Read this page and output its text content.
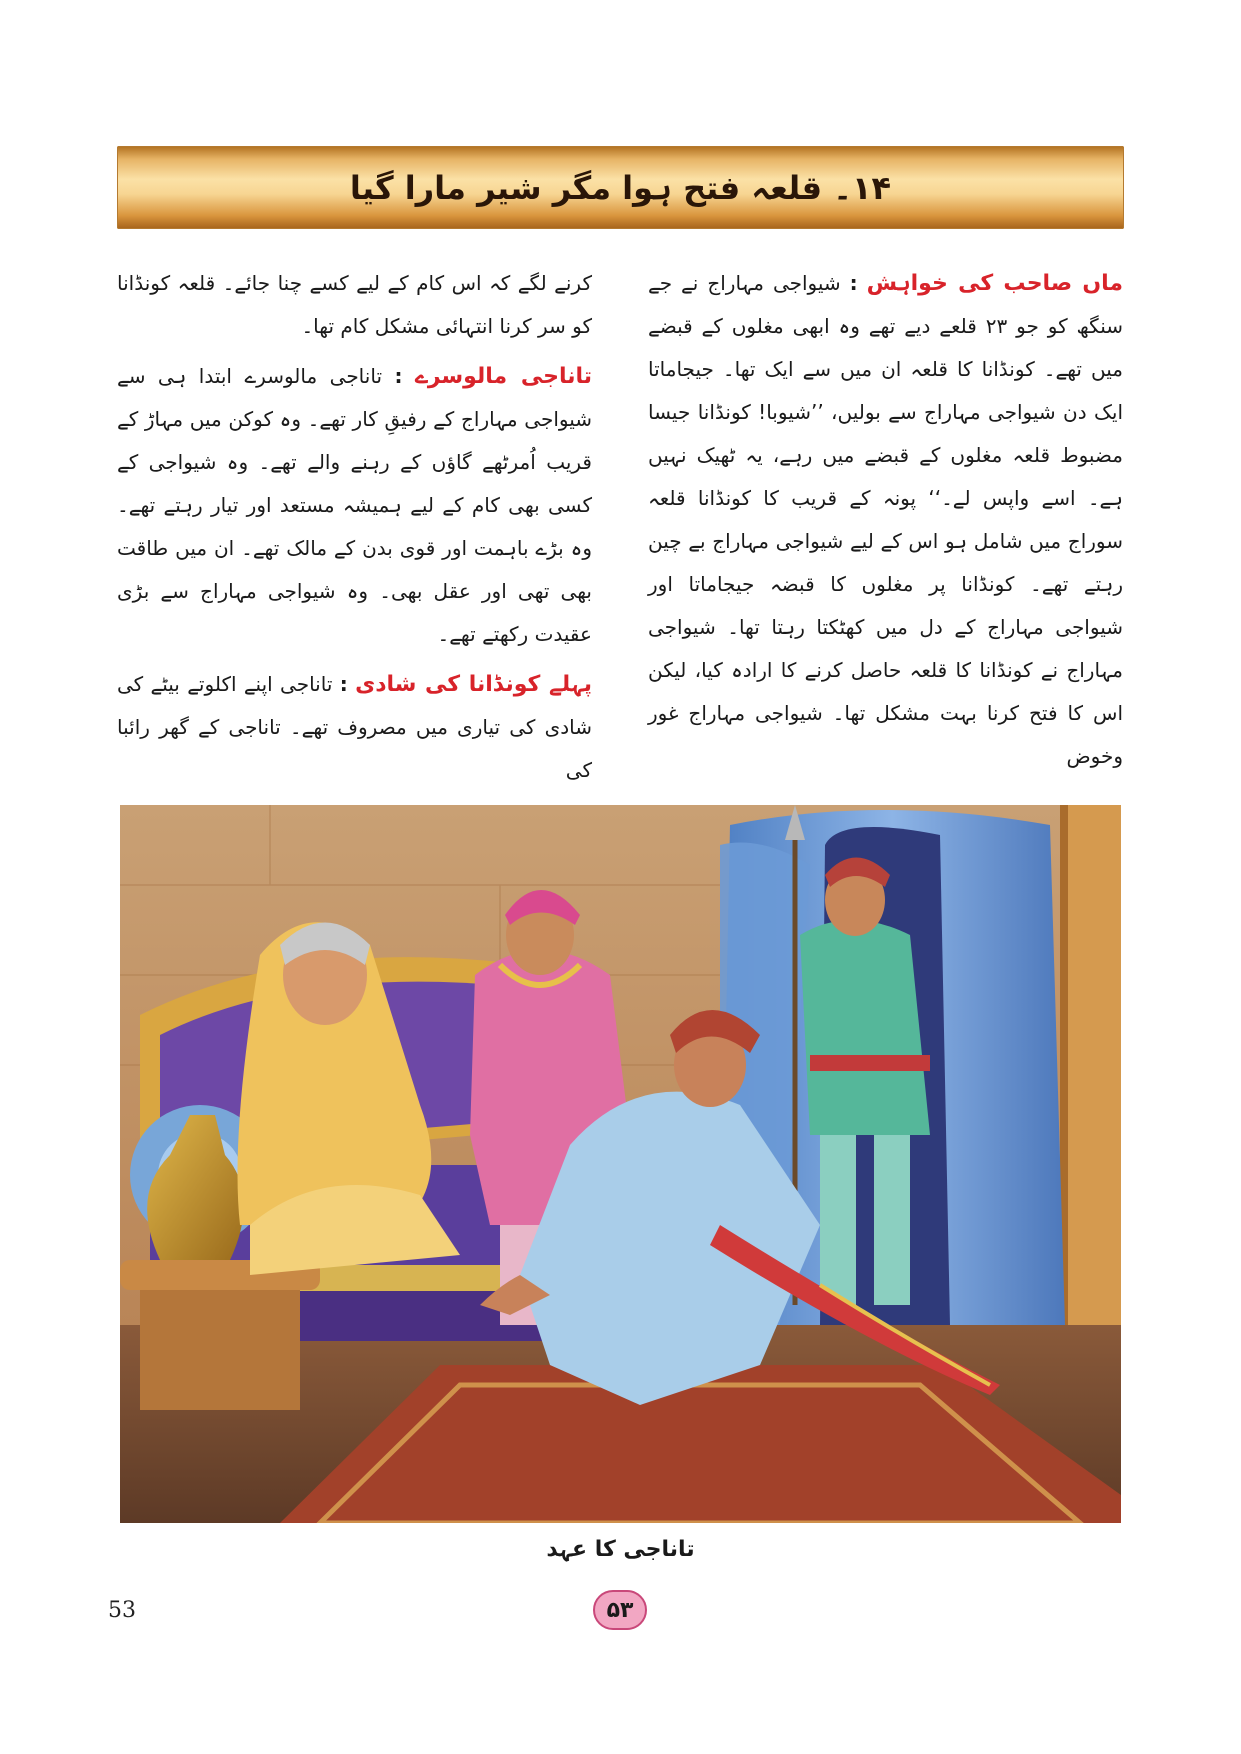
۱۴۔ قلعہ فتح ہوا مگر شیر مارا گیا

ماں صاحب کی خواہش : شیواجی مہاراج نے جے سنگھ کو جو ۲۳ قلعے دیے تھے وہ ابھی مغلوں کے قبضے میں تھے۔ کونڈانا کا قلعہ ان میں سے ایک تھا۔ جیجاماتا ایک دن شیواجی مہاراج سے بولیں، ’’شیوبا! کونڈانا جیسا مضبوط قلعہ مغلوں کے قبضے میں رہے، یہ ٹھیک نہیں ہے۔ اسے واپس لے۔‘‘ پونہ کے قریب کا کونڈانا قلعہ سوراج میں شامل ہو اس کے لیے شیواجی مہاراج بے چین رہتے تھے۔ کونڈانا پر مغلوں کا قبضہ جیجاماتا اور شیواجی مہاراج کے دل میں کھٹکتا رہتا تھا۔ شیواجی مہاراج نے کونڈانا کا قلعہ حاصل کرنے کا ارادہ کیا، لیکن اس کا فتح کرنا بہت مشکل تھا۔ شیواجی مہاراج غور وخوض

کرنے لگے کہ اس کام کے لیے کسے چنا جائے۔ قلعہ کونڈانا کو سر کرنا انتہائی مشکل کام تھا۔

تاناجی مالوسرے : تاناجی مالوسرے ابتدا ہی سے شیواجی مہاراج کے رفیقِ کار تھے۔ وہ کوکن میں مہاڑ کے قریب اُمرٹھے گاؤں کے رہنے والے تھے۔ وہ شیواجی کے کسی بھی کام کے لیے ہمیشہ مستعد اور تیار رہتے تھے۔ وہ بڑے باہمت اور قوی بدن کے مالک تھے۔ ان میں طاقت بھی تھی اور عقل بھی۔ وہ شیواجی مہاراج سے بڑی عقیدت رکھتے تھے۔

پہلے کونڈانا کی شادی : تاناجی اپنے اکلوتے بیٹے کی شادی کی تیاری میں مصروف تھے۔ تاناجی کے گھر رائبا کی

تاناجی کا عہد
53	۵۳
